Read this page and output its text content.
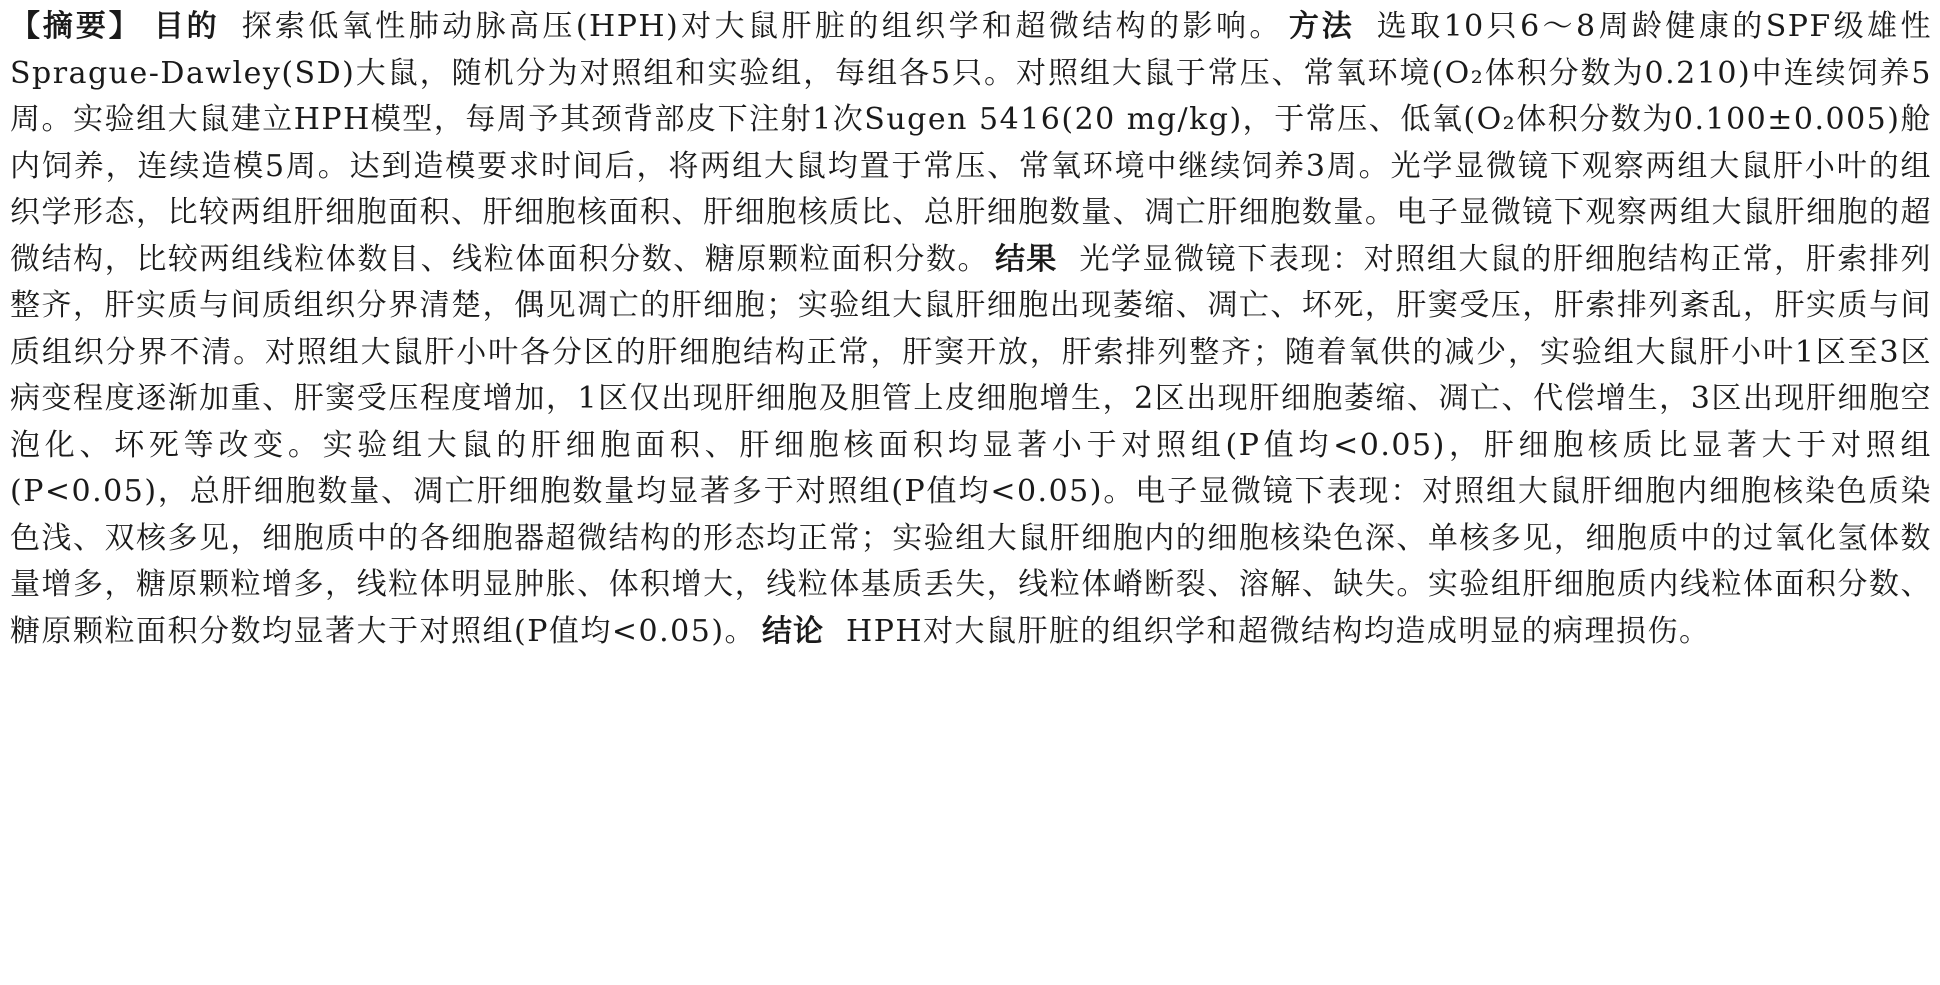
【摘要】 目的 探索低氧性肺动脉高压(HPH)对大鼠肝脏的组织学和超微结构的影响。 方法 选取10只6～8周龄健康的SPF级雄性Sprague-Dawley(SD)大鼠，随机分为对照组和实验组，每组各5只。对照组大鼠于常压、常氧环境(O₂体积分数为0.210)中连续饲养5周。实验组大鼠建立HPH模型，每周予其颈背部皮下注射1次Sugen 5416(20 mg/kg)，于常压、低氧(O₂体积分数为0.100±0.005)舱内饲养，连续造模5周。达到造模要求时间后，将两组大鼠均置于常压、常氧环境中继续饲养3周。光学显微镜下观察两组大鼠肝小叶的组织学形态，比较两组肝细胞面积、肝细胞核面积、肝细胞核质比、总肝细胞数量、凋亡肝细胞数量。电子显微镜下观察两组大鼠肝细胞的超微结构，比较两组线粒体数目、线粒体面积分数、糖原颗粒面积分数。 结果 光学显微镜下表现：对照组大鼠的肝细胞结构正常，肝索排列整齐，肝实质与间质组织分界清楚，偶见凋亡的肝细胞；实验组大鼠肝细胞出现萎缩、凋亡、坏死，肝窦受压，肝索排列紊乱，肝实质与间质组织分界不清。对照组大鼠肝小叶各分区的肝细胞结构正常，肝窦开放，肝索排列整齐；随着氧供的减少，实验组大鼠肝小叶1区至3区病变程度逐渐加重、肝窦受压程度增加，1区仅出现肝细胞及胆管上皮细胞增生，2区出现肝细胞萎缩、凋亡、代偿增生，3区出现肝细胞空泡化、坏死等改变。实验组大鼠的肝细胞面积、肝细胞核面积均显著小于对照组(P值均<0.05)，肝细胞核质比显著大于对照组(P<0.05)，总肝细胞数量、凋亡肝细胞数量均显著多于对照组(P值均<0.05)。电子显微镜下表现：对照组大鼠肝细胞内细胞核染色质染色浅、双核多见，细胞质中的各细胞器超微结构的形态均正常；实验组大鼠肝细胞内的细胞核染色深、单核多见，细胞质中的过氧化氢体数量增多，糖原颗粒增多，线粒体明显肿胀、体积增大，线粒体基质丢失，线粒体嵴断裂、溶解、缺失。实验组肝细胞质内线粒体面积分数、糖原颗粒面积分数均显著大于对照组(P值均<0.05)。 结论 HPH对大鼠肝脏的组织学和超微结构均造成明显的病理损伤。
